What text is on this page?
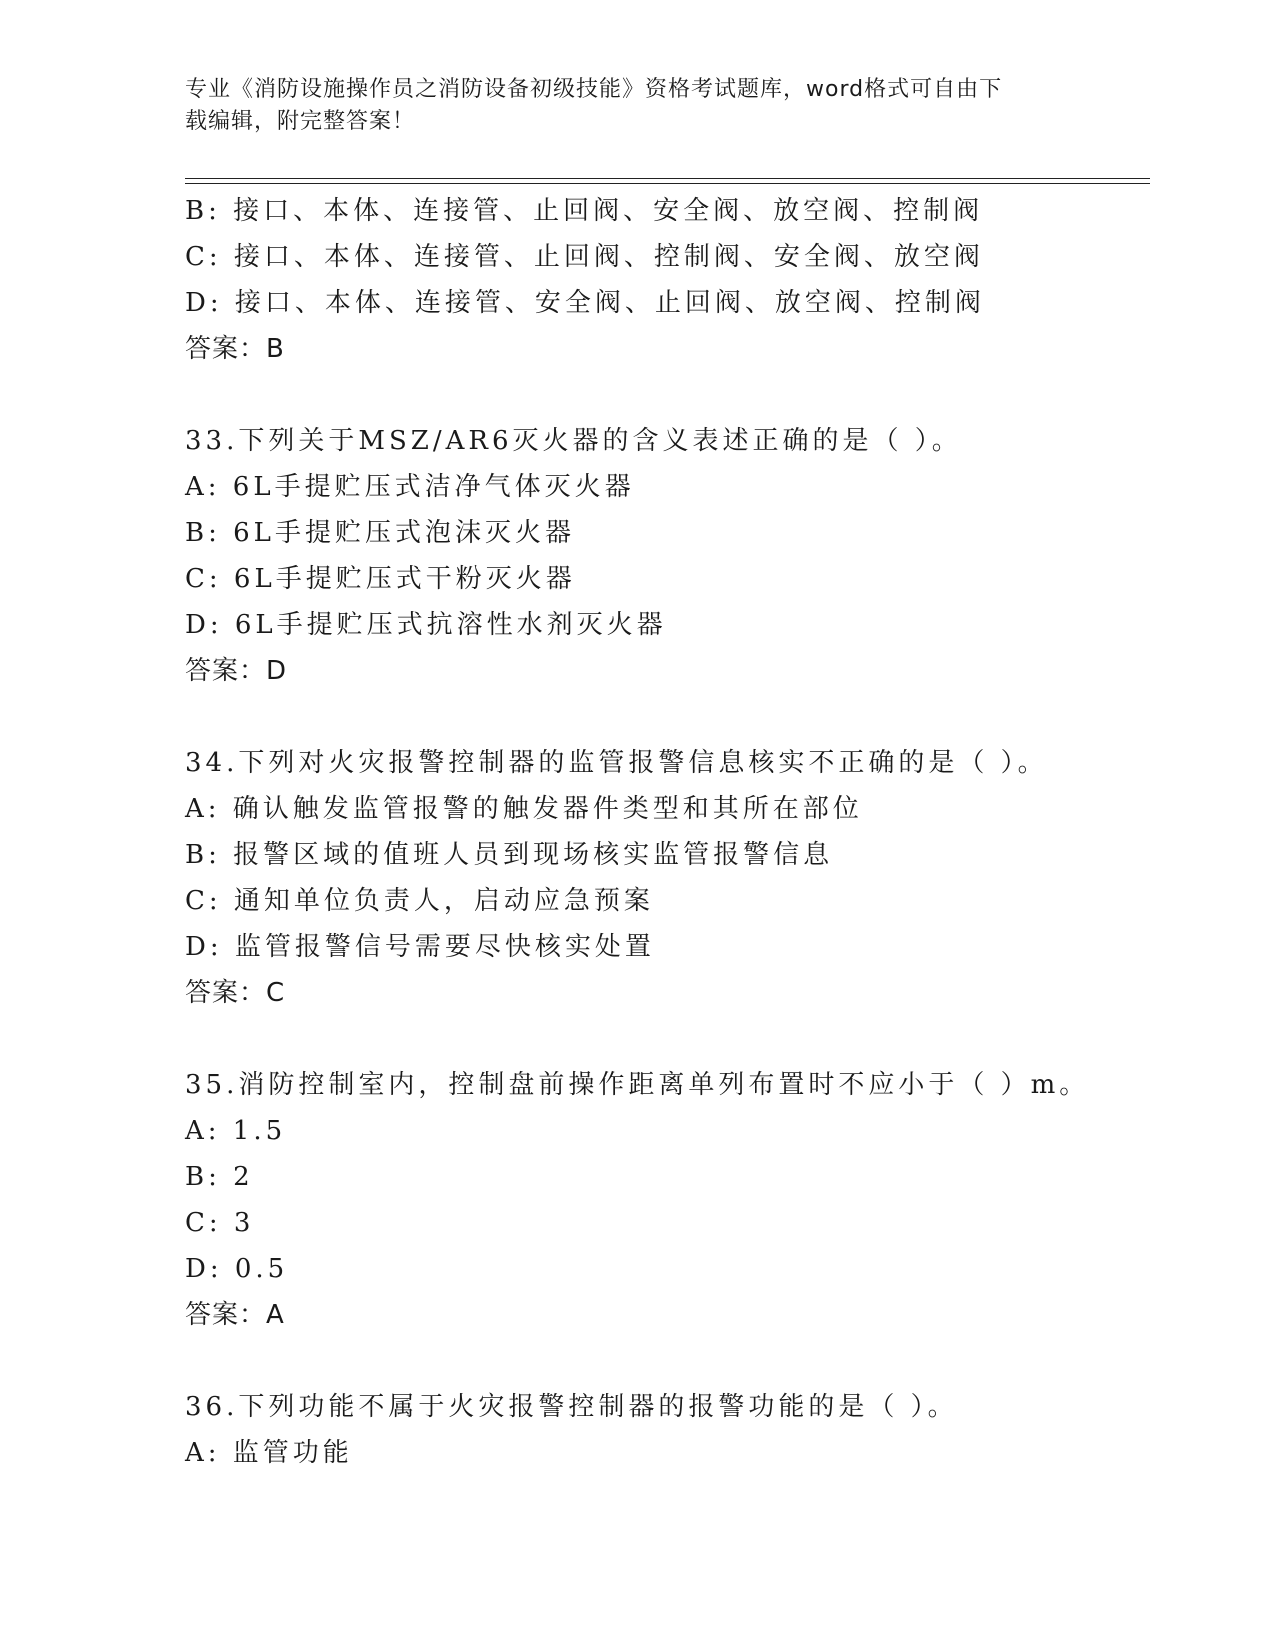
专业《消防设施操作员之消防设备初级技能》资格考试题库，word格式可自由下
载编辑，附完整答案！
B: 接口、本体、连接管、止回阀、安全阀、放空阀、控制阀
C: 接口、本体、连接管、止回阀、控制阀、安全阀、放空阀
D: 接口、本体、连接管、安全阀、止回阀、放空阀、控制阀
答案：B
33.下列关于MSZ/AR6灭火器的含义表述正确的是（ ）。
A: 6L手提贮压式洁净气体灭火器
B: 6L手提贮压式泡沫灭火器
C: 6L手提贮压式干粉灭火器
D: 6L手提贮压式抗溶性水剂灭火器
答案：D
34.下列对火灾报警控制器的监管报警信息核实不正确的是（ ）。
A: 确认触发监管报警的触发器件类型和其所在部位
B: 报警区域的值班人员到现场核实监管报警信息
C: 通知单位负责人，启动应急预案
D: 监管报警信号需要尽快核实处置
答案：C
35.消防控制室内，控制盘前操作距离单列布置时不应小于（ ）m。
A: 1.5
B: 2
C: 3
D: 0.5
答案：A
36.下列功能不属于火灾报警控制器的报警功能的是（ ）。
A: 监管功能
